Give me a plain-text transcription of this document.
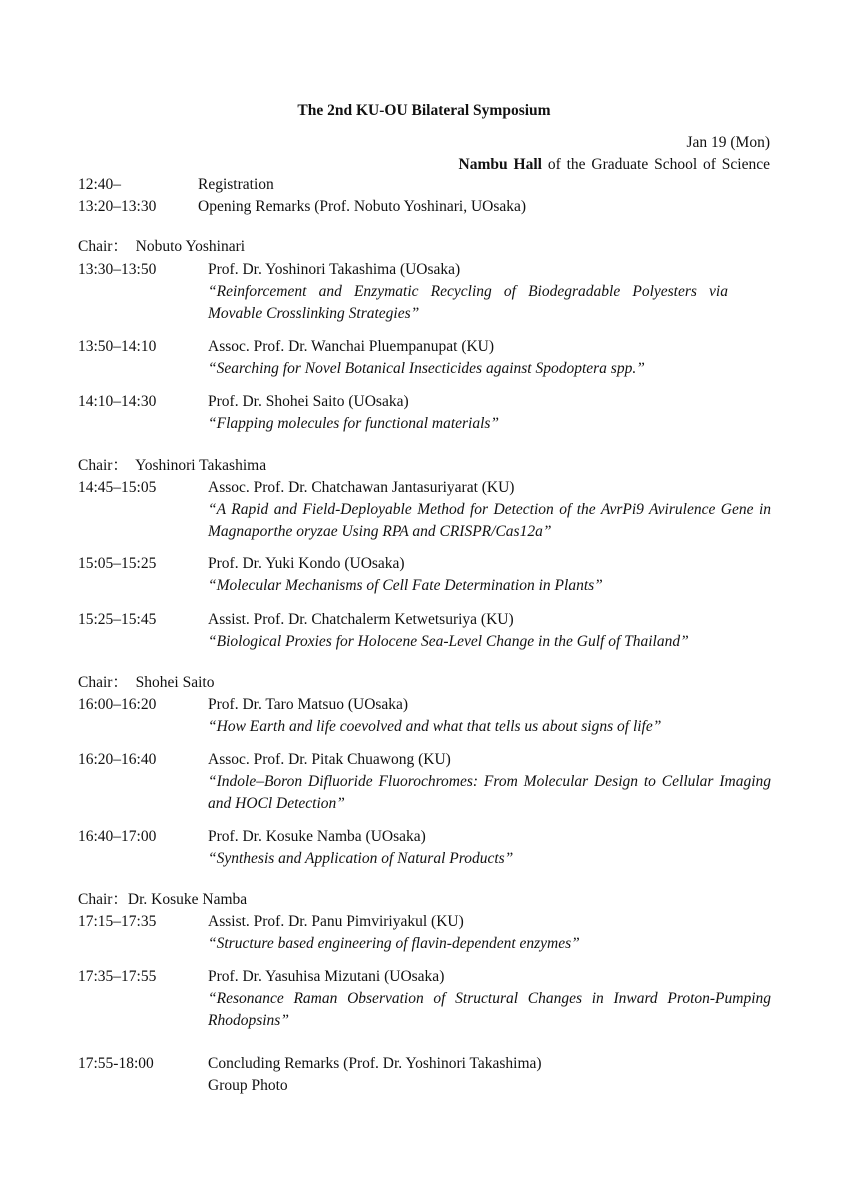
The 2nd KU-OU Bilateral Symposium
Jan 19 (Mon)
Nambu Hall of the Graduate School of Science
12:40–	Registration
13:20–13:30	Opening Remarks (Prof. Nobuto Yoshinari, UOsaka)
Chair：  Nobuto Yoshinari
13:30–13:50	Prof. Dr. Yoshinori Takashima (UOsaka)
“Reinforcement and Enzymatic Recycling of Biodegradable Polyesters via Movable Crosslinking Strategies”
13:50–14:10	Assoc. Prof. Dr. Wanchai Pluempanupat (KU)
“Searching for Novel Botanical Insecticides against Spodoptera spp.”
14:10–14:30	Prof. Dr. Shohei Saito (UOsaka)
“Flapping molecules for functional materials”
Chair：  Yoshinori Takashima
14:45–15:05	Assoc. Prof. Dr. Chatchawan Jantasuriyarat (KU)
“A Rapid and Field-Deployable Method for Detection of the AvrPi9 Avirulence Gene in Magnaporthe oryzae Using RPA and CRISPR/Cas12a”
15:05–15:25	Prof. Dr. Yuki Kondo (UOsaka)
“Molecular Mechanisms of Cell Fate Determination in Plants”
15:25–15:45	Assist. Prof. Dr. Chatchalerm Ketwetsuriya (KU)
“Biological Proxies for Holocene Sea-Level Change in the Gulf of Thailand”
Chair：  Shohei Saito
16:00–16:20	Prof. Dr. Taro Matsuo (UOsaka)
“How Earth and life coevolved and what that tells us about signs of life”
16:20–16:40	Assoc. Prof. Dr. Pitak Chuawong (KU)
“Indole–Boron Difluoride Fluorochromes: From Molecular Design to Cellular Imaging and HOCl Detection”
16:40–17:00	Prof. Dr. Kosuke Namba (UOsaka)
“Synthesis and Application of Natural Products”
Chair：Dr. Kosuke Namba
17:15–17:35	Assist. Prof. Dr. Panu Pimviriyakul (KU)
“Structure based engineering of flavin-dependent enzymes”
17:35–17:55	Prof. Dr. Yasuhisa Mizutani (UOsaka)
“Resonance Raman Observation of Structural Changes in Inward Proton-Pumping Rhodopsins”
17:55-18:00	Concluding Remarks (Prof. Dr. Yoshinori Takashima)
Group Photo
